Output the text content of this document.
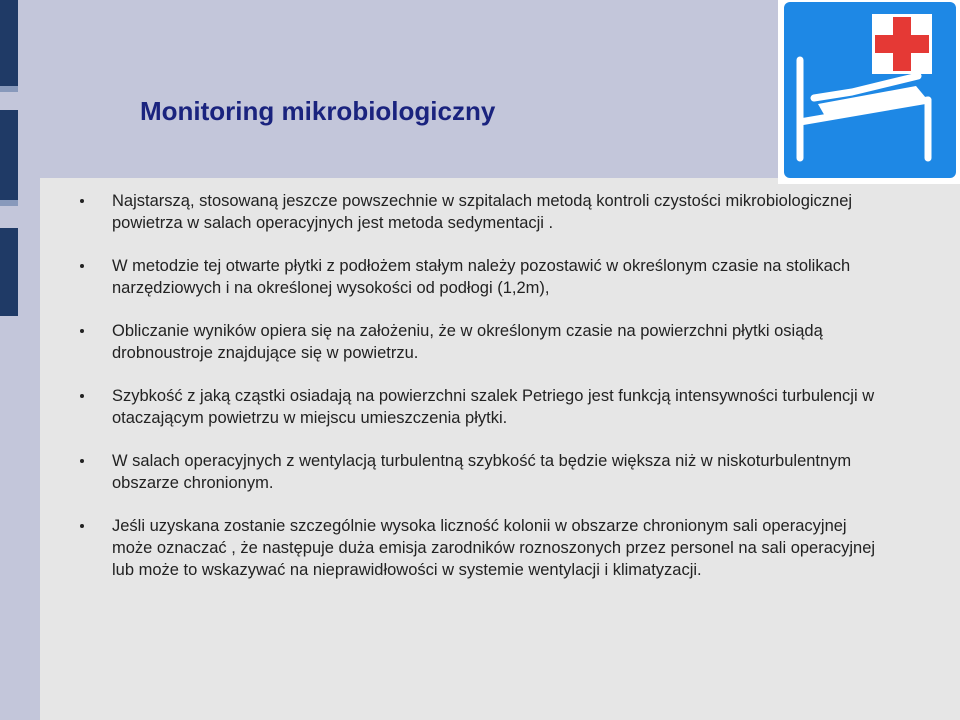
Monitoring mikrobiologiczny
Najstarszą, stosowaną jeszcze powszechnie w szpitalach metodą kontroli czystości mikrobiologicznej powietrza w salach operacyjnych jest metoda sedymentacji .
W metodzie tej otwarte płytki z podłożem stałym należy pozostawić w określonym czasie na stolikach narzędziowych i na określonej wysokości od podłogi (1,2m),
Obliczanie wyników opiera się na założeniu, że w określonym czasie na powierzchni płytki osiądą drobnoustroje znajdujące się w powietrzu.
Szybkość z jaką cząstki osiadają na powierzchni szalek Petriego jest funkcją intensywności turbulencji w otaczającym powietrzu w miejscu umieszczenia płytki.
W salach operacyjnych z wentylacją turbulentną szybkość ta będzie większa niż w niskoturbulentnym obszarze chronionym.
Jeśli uzyskana zostanie szczególnie wysoka liczność kolonii w obszarze chronionym sali operacyjnej może oznaczać , że następuje duża emisja zarodników roznoszonych przez personel na sali operacyjnej lub może to wskazywać na nieprawidłowości w systemie wentylacji i klimatyzacji.
